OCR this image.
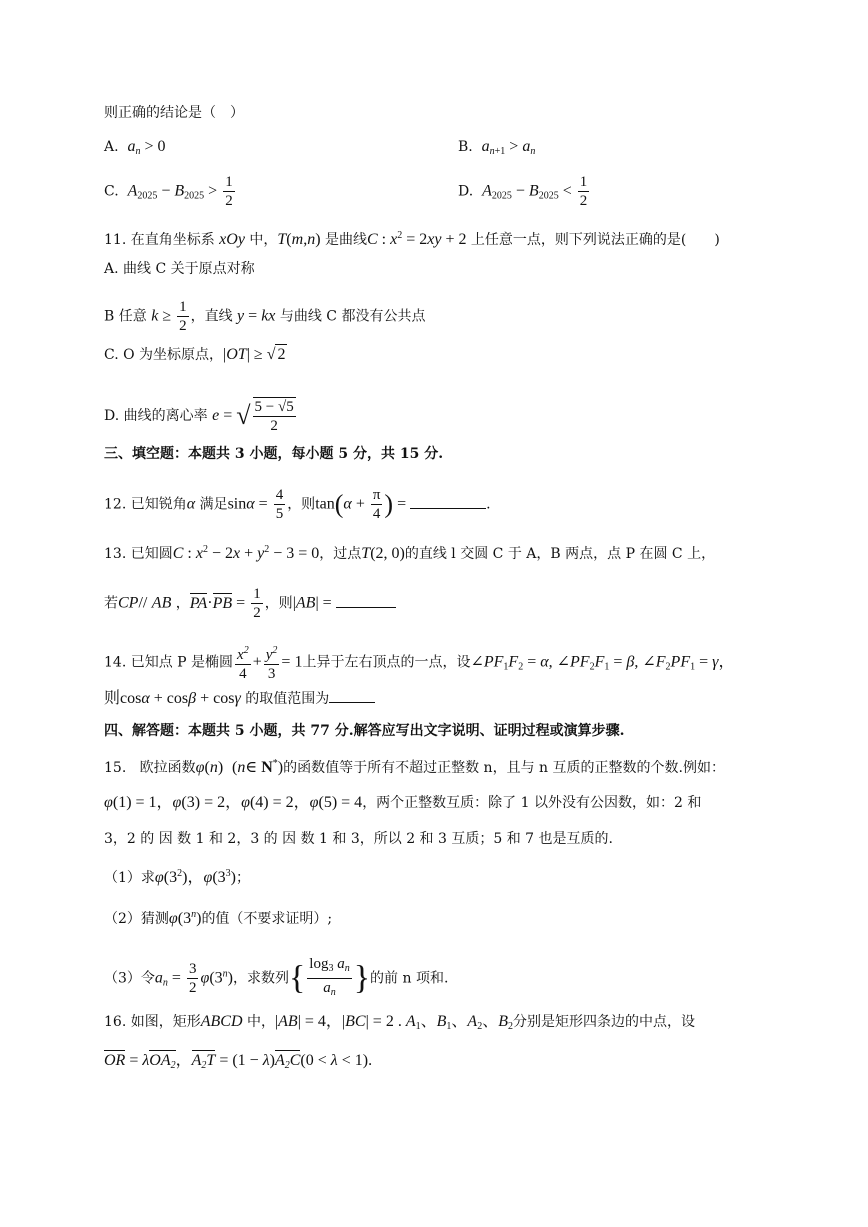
则正确的结论是（　）
A. $a_n > 0$	B. $a_{n+1} > a_n$
C. $A_{2025} - B_{2025} > \frac{1}{2}$	D. $A_{2025} - B_{2025} < \frac{1}{2}$
11. 在直角坐标系 xOy 中，T(m,n) 是曲线C : $x^2 = 2xy + 2$ 上任意一点，则下列说法正确的是(　　)
A. 曲线 C 关于原点对称
B 任意 $k \ge \frac{1}{2}$ ，直线 y = kx 与曲线 C 都没有公共点
C. O 为坐标原点，|OT| ≥ √ 2
D. 曲线的离心率 e = √ $\frac{5 - √5}{2}$
三、填空题：本题共 3 小题，每小题 5 分，共 15 分.
12. 已知锐角α 满足$\sin\alpha = \frac{4}{5}$ ，则$\tan(\alpha + \frac{\pi}{4}$ ) =	.
13. 已知圆C : $x^2 - 2x + y^2 - 3 = 0$，过点T(2, 0)的直线 l 交圆 C 于 A，B 两点，点 P 在圆 C 上，
若CP// AB ，$PA\cdot PB = \frac{1}{2}$ ，则|AB| =
14. 已知点 P 是椭圆 $\frac{x^2}{4} + \frac{y^2}{3} = 1$上异于左右顶点的一点，设$\angle PF_1F_2 = \alpha$, $\angle PF_2F_1 = \beta$, $\angle F_2PF_1 = \gamma$，
则cosα + cosβ + cosγ 的取值范围为
四、解答题：本题共 5 小题，共 77 分.解答应写出文字说明、证明过程或演算步骤.
15. 欧拉函数φ(n) (n∈ N*)的函数值等于所有不超过正整数 n，且与 n 互质的正整数的个数.例如：
φ(1) = 1，φ(3) = 2，φ(4) = 2，φ(5) = 4，两个正整数互质：除了 1 以外没有公因数，如：2 和
3，2 的 因 数 1 和 2，3 的 因 数 1 和 3，所以 2 和 3 互质；5 和 7 也是互质的.
（1）求$\varphi(3^2)$，$\varphi(3^3)$；
（2）猜测φ(3$^n$)的值（不要求证明）;
（3）令$a_n = \frac{3}{2} \varphi(3^n)$，求数列{ $\frac{\log_3 a_n}{a_n}$ }的前 n 项和.
16. 如图，矩形ABCD 中，|AB| = 4，|BC| = 2 . $A_1$、$B_1$、$A_2$、$B_2$分别是矩形四条边的中点，设
OR = λOA$_2$，$A_2T = (1 - \lambda)A_2C(0 < \lambda < 1)$.
